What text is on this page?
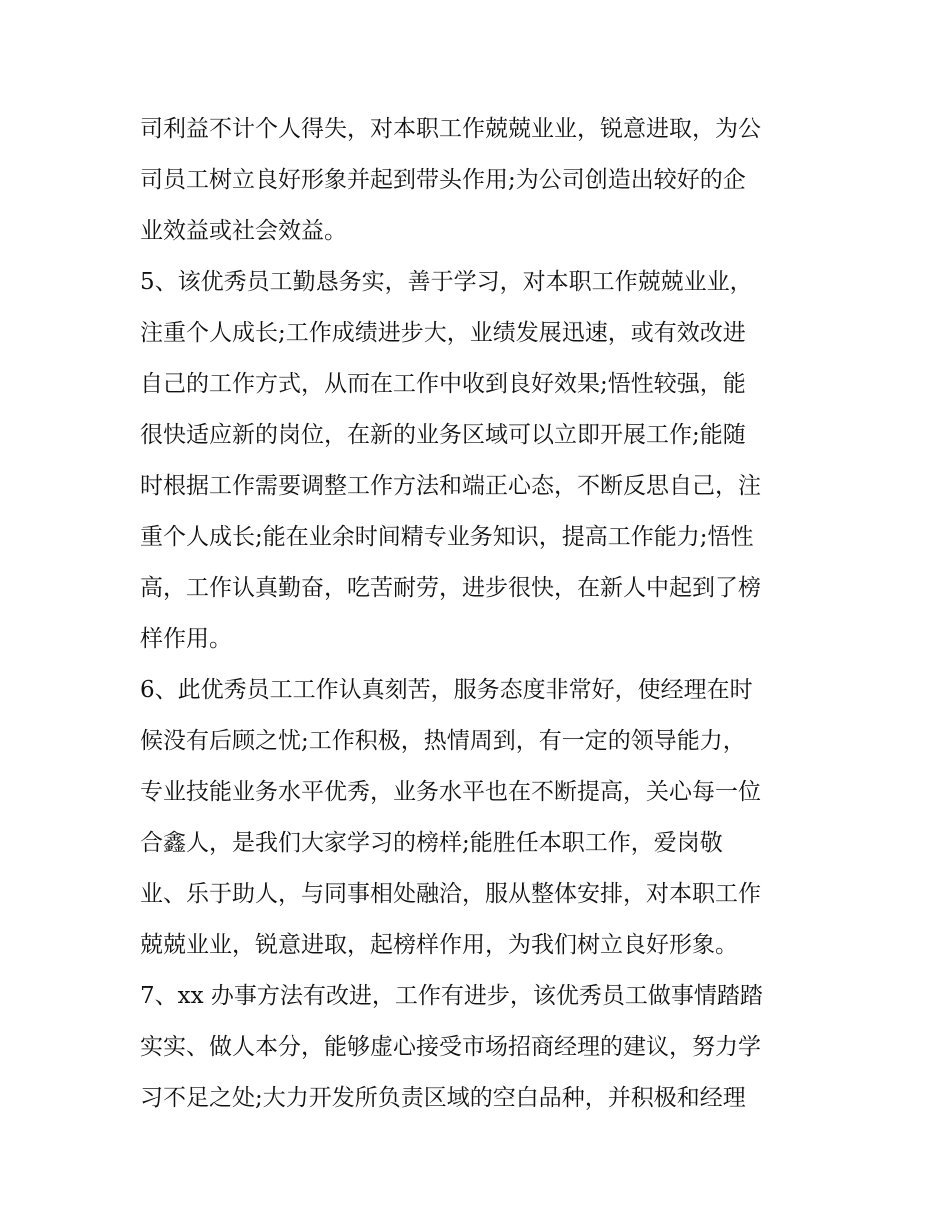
司利益不计个人得失，对本职工作兢兢业业，锐意进取，为公
司员工树立良好形象并起到带头作用;为公司创造出较好的企
业效益或社会效益。
5、该优秀员工勤恳务实，善于学习，对本职工作兢兢业业，
注重个人成长;工作成绩进步大，业绩发展迅速，或有效改进
自己的工作方式，从而在工作中收到良好效果;悟性较强，能
很快适应新的岗位，在新的业务区域可以立即开展工作;能随
时根据工作需要调整工作方法和端正心态，不断反思自己，注
重个人成长;能在业余时间精专业务知识，提高工作能力;悟性
高，工作认真勤奋，吃苦耐劳，进步很快，在新人中起到了榜
样作用。
6、此优秀员工工作认真刻苦，服务态度非常好，使经理在时
候没有后顾之忧;工作积极，热情周到，有一定的领导能力，
专业技能业务水平优秀，业务水平也在不断提高，关心每一位
合鑫人，是我们大家学习的榜样;能胜任本职工作，爱岗敬
业、乐于助人，与同事相处融洽，服从整体安排，对本职工作
兢兢业业，锐意进取，起榜样作用，为我们树立良好形象。
7、xx 办事方法有改进，工作有进步，该优秀员工做事情踏踏
实实、做人本分，能够虚心接受市场招商经理的建议，努力学
习不足之处;大力开发所负责区域的空白品种，并积极和经理
